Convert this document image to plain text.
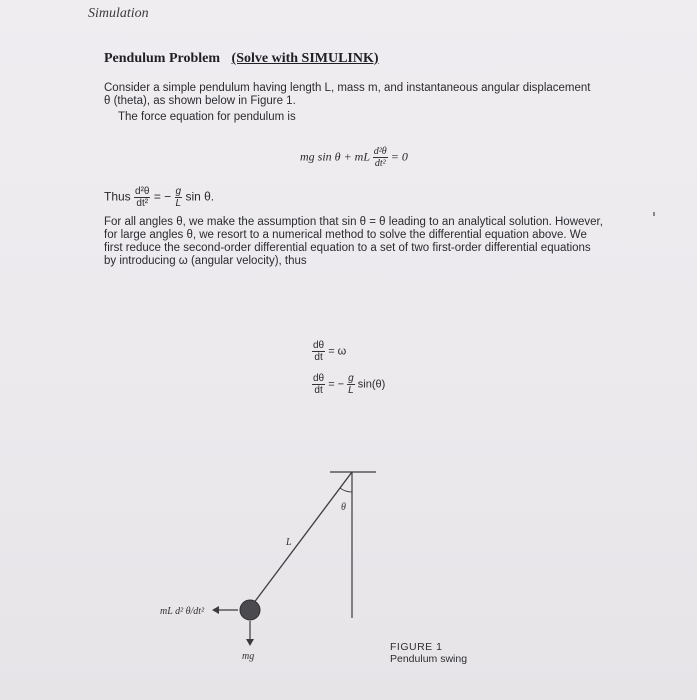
Simulation
Pendulum Problem (Solve with SIMULINK)
Consider a simple pendulum having length L, mass m, and instantaneous angular displacement
θ (theta), as shown below in Figure 1.
The force equation for pendulum is
mg sin θ + mL $\frac{\text{d²θ}}{\text{dt²}} = 0$
Thus $\frac{\text{d²θ}}{\text{dt²}}$ = − $\frac{g}{L}$ sin θ.
For all angles θ, we make the assumption that sin θ = θ leading to an analytical solution. However,
for large angles θ, we resort to a numerical method to solve the differential equation above. We
first reduce the second-order differential equation to a set of two first-order differential equations
by introducing ω (angular velocity), thus
$\frac{d\theta}{dt} = \omega$
$\frac{d\theta}{dt}$ = − $\frac{g}{L} \sin(\theta)$
θ
L
mL d² θ/dt²
mg
FIGURE 1
Pendulum swing
